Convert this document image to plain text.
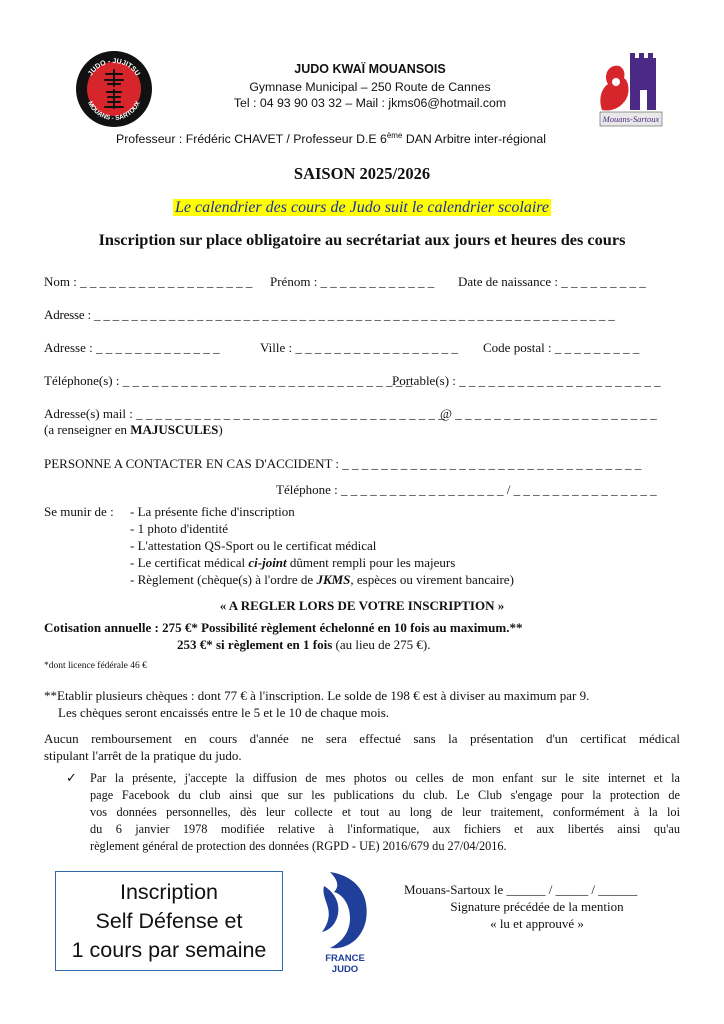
JUDO - JUJITSU
MOUANS - SARTOUX
Mouans-Sartoux
JUDO KWAÏ MOUANSOIS
Gymnase Municipal – 250 Route de Cannes
Tel : 04 93 90 03 32 – Mail : jkms06@hotmail.com
Professeur : Frédéric CHAVET / Professeur D.E 6ème DAN Arbitre inter-régional
SAISON 2025/2026
Le calendrier des cours de Judo suit le calendrier scolaire
Inscription sur place obligatoire au secrétariat aux jours et heures des cours
Nom : _ _ _ _ _ _ _ _ _ _ _ _ _ _ _ _ _ _ Prénom : _ _ _ _ _ _ _ _ _ _ _ _ Date de naissance : _ _ _ _ _ _ _ _ _
Adresse : _ _ _ _ _ _ _ _ _ _ _ _ _ _ _ _ _ _ _ _ _ _ _ _ _ _ _ _ _ _ _ _ _ _ _ _ _ _ _ _ _ _ _ _ _ _ _ _ _ _ _ _ _ _ _ _
Adresse : _ _ _ _ _ _ _ _ _ _ _ _ _	Ville : _ _ _ _ _ _ _ _ _ _ _ _ _ _ _ _ _ Code postal : _ _ _ _ _ _ _ _ _
Téléphone(s) : _ _ _ _ _ _ _ _ _ _ _ _ _ _ _ _ _ _ _ _ _ _ _ _ _ _ _ _ _ _
Portable(s) : _ _ _ _ _ _ _ _ _ _ _ _ _ _ _ _ _ _ _ _ _
Adresse(s) mail : _ _ _ _ _ _ _ _ _ _ _ _ _ _ _ _ _ _ _ _ _ _ _ _ _ _ _ _ _ _ _ _
@ _ _ _ _ _ _ _ _ _ _ _ _ _ _ _ _ _ _ _ _ _
(a renseigner en MAJUSCULES)
PERSONNE A CONTACTER EN CAS D'ACCIDENT : _ _ _ _ _ _ _ _ _ _ _ _ _ _ _ _ _ _ _ _ _ _ _ _ _ _ _ _ _ _ _
Téléphone : _ _ _ _ _ _ _ _ _ _ _ _ _ _ _ _ _ / _ _ _ _ _ _ _ _ _ _ _ _ _ _ _
Se munir de : - La présente fiche d'inscription
- 1 photo d'identité
- L'attestation QS-Sport ou le certificat médical
- Le certificat médical ci-joint dûment rempli pour les majeurs
- Règlement (chèque(s) à l'ordre de JKMS, espèces ou virement bancaire)
« A REGLER LORS DE VOTRE INSCRIPTION »
Cotisation annuelle : 275 €* Possibilité règlement échelonné en 10 fois au maximum.**
253 €* si règlement en 1 fois (au lieu de 275 €).
*dont licence fédérale 46 €
**Etablir plusieurs chèques : dont 77 € à l'inscription. Le solde de 198 € est à diviser au maximum par 9.
Les chèques seront encaissés entre le 5 et le 10 de chaque mois.
Aucun remboursement en cours d'année ne sera effectué sans la présentation d'un certificat médical
stipulant l'arrêt de la pratique du judo.
✓ Par la présente, j'accepte la diffusion de mes photos ou celles de mon enfant sur le site internet et la
page Facebook du club ainsi que sur les publications du club. Le Club s'engage pour la protection de
vos données personnelles, dès leur collecte et tout au long de leur traitement, conformément à la loi
du 6 janvier 1978 modifiée relative à l'informatique, aux fichiers et aux libertés ainsi qu'au
règlement général de protection des données (RGPD - UE) 2016/679 du 27/04/2016.
Inscription
Self Défense et
1 cours par semaine	FRANCE
JUDO
Mouans-Sartoux le ______ / _____ / ______
Signature précédée de la mention
« lu et approuvé »
